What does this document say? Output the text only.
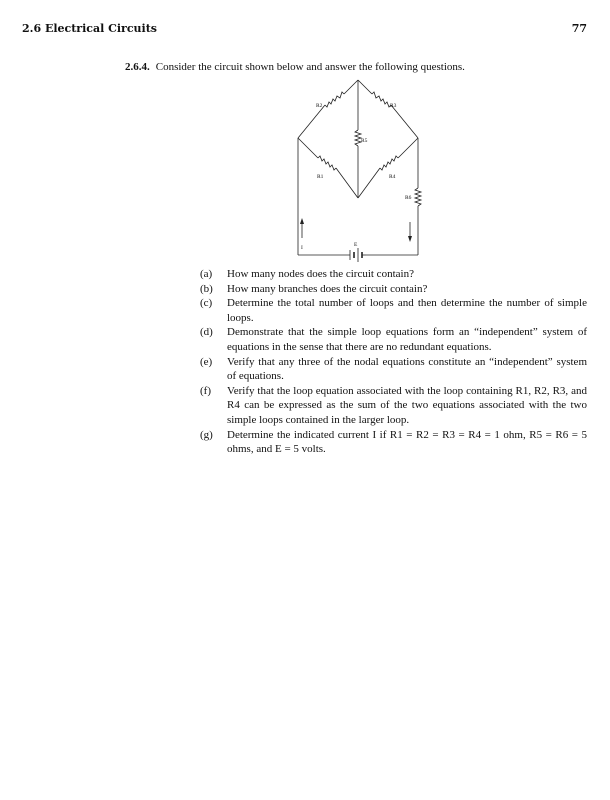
2.6 Electrical Circuits	77
2.6.4. Consider the circuit shown below and answer the following questions.
R2	R3
R5
R1	R4
R6
I	E
(a) How many nodes does the circuit contain?
(b) How many branches does the circuit contain?
(c) Determine the total number of loops and then determine the number of simple loops.
(d) Demonstrate that the simple loop equations form an “independent” system of equations in the sense that there are no redundant equations.
(e) Verify that any three of the nodal equations constitute an “independent” system of equations.
(f) Verify that the loop equation associated with the loop containing R1, R2, R3, and R4 can be expressed as the sum of the two equations associated with the two simple loops contained in the larger loop.
(g) Determine the indicated current I if R1 = R2 = R3 = R4 = 1 ohm, R5 = R6 = 5 ohms, and E = 5 volts.
